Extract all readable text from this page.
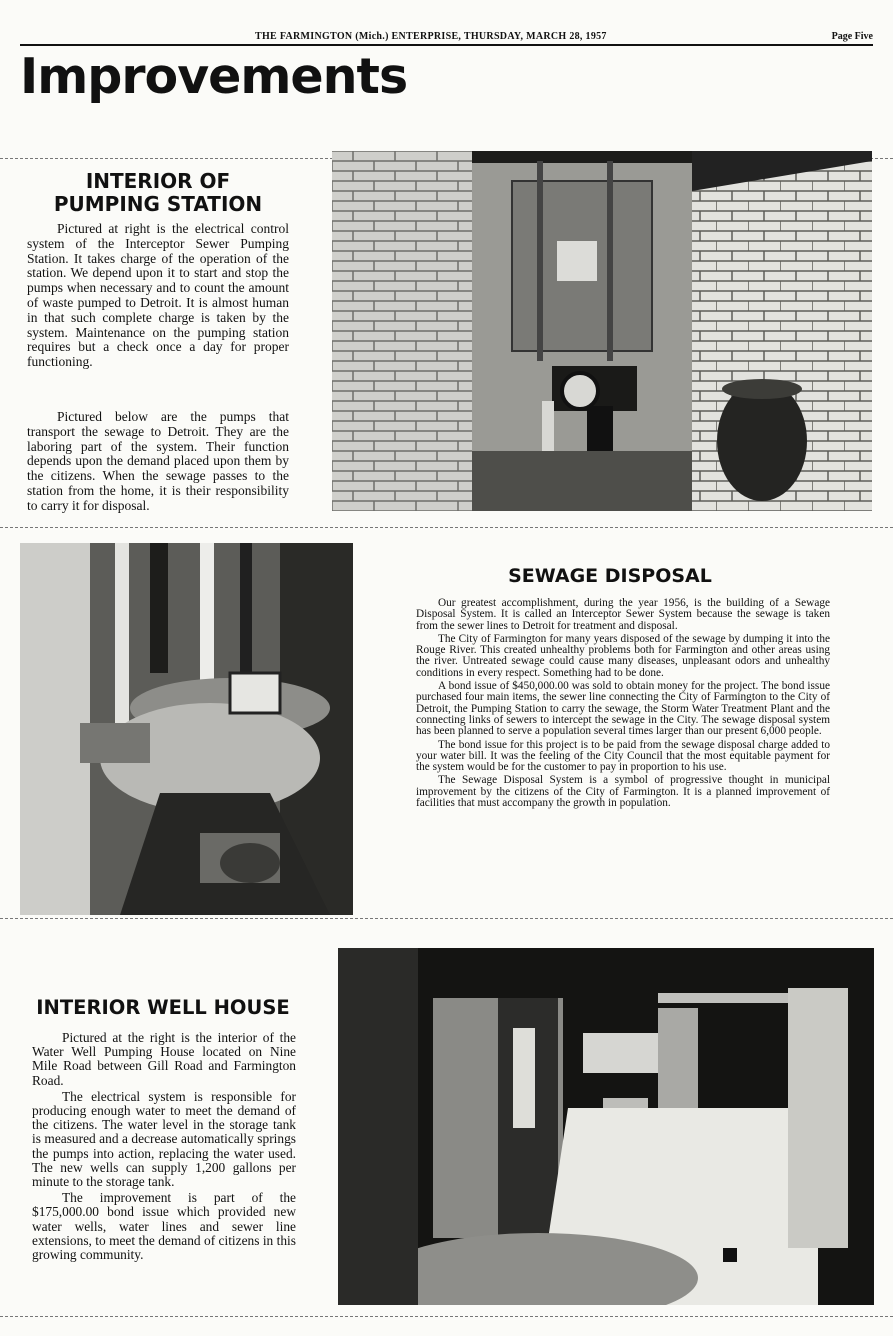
THE FARMINGTON (Mich.) ENTERPRISE, THURSDAY, MARCH 28, 1957	Page Five
Improvements
INTERIOR OF
PUMPING STATION

Pictured at right is the electrical control system of the Interceptor Sewer Pumping Station. It takes charge of the operation of the station. We depend upon it to start and stop the pumps when necessary and to count the amount of waste pumped to Detroit. It is almost human in that such complete charge is taken by the system. Maintenance on the pumping station requires but a check once a day for proper functioning.

Pictured below are the pumps that transport the sewage to Detroit. They are the laboring part of the system. Their function depends upon the demand placed upon them by the citizens. When the sewage passes to the station from the home, it is their responsibility to carry it for disposal.

SEWAGE DISPOSAL

Our greatest accomplishment, during the year 1956, is the building of a Sewage Disposal System. It is called an Interceptor Sewer System because the sewage is taken from the sewer lines to Detroit for treatment and disposal.

The City of Farmington for many years disposed of the sewage by dumping it into the Rouge River. This created unhealthy problems both for Farmington and other areas using the river. Untreated sewage could cause many diseases, unpleasant odors and unhealthy conditions in every respect. Something had to be done.

A bond issue of $450,000.00 was sold to obtain money for the project. The bond issue purchased four main items, the sewer line connecting the City of Farmington to the City of Detroit, the Pumping Station to carry the sewage, the Storm Water Treatment Plant and the connecting links of sewers to intercept the sewage in the City. The sewage disposal system has been planned to serve a population several times larger than our present 6,000 people.

The bond issue for this project is to be paid from the sewage disposal charge added to your water bill. It was the feeling of the City Council that the most equitable payment for the system would be for the customer to pay in proportion to his use.

The Sewage Disposal System is a symbol of progressive thought in municipal improvement by the citizens of the City of Farmington. It is a planned improvement of facilities that must accompany the growth in population.

INTERIOR WELL HOUSE

Pictured at the right is the interior of the Water Well Pumping House located on Nine Mile Road between Gill Road and Farmington Road.

The electrical system is responsible for producing enough water to meet the demand of the citizens. The water level in the storage tank is measured and a decrease automatically springs the pumps into action, replacing the water used. The new wells can supply 1,200 gallons per minute to the storage tank.

The improvement is part of the $175,000.00 bond issue which provided new water wells, water lines and sewer line extensions, to meet the demand of citizens in this growing community.
